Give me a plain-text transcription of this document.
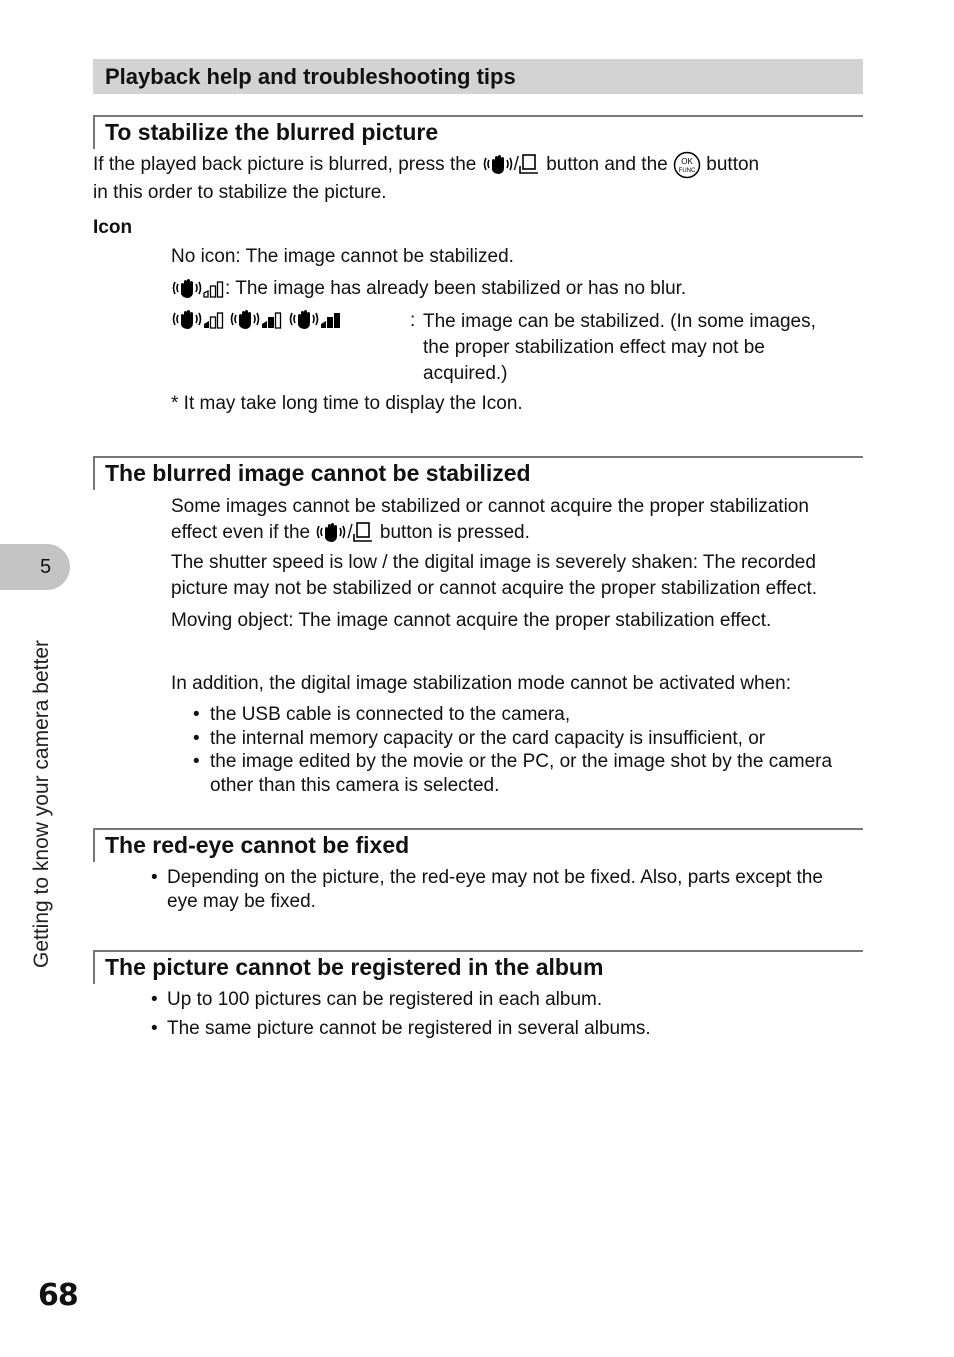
Playback help and troubleshooting tips
To stabilize the blurred picture
If the played back picture is blurred, press the / button and the OK
FUNC button
in this order to stabilize the picture.
Icon
No icon: The image cannot be stabilized.
: The image has already been stabilized or has no blur.

: The image can be stabilized. (In some images,
the proper stabilization effect may not be
acquired.)
* It may take long time to display the Icon.
The blurred image cannot be stabilized
Some images cannot be stabilized or cannot acquire the proper stabilization
effect even if the / button is pressed.
The shutter speed is low / the digital image is severely shaken: The recorded
picture may not be stabilized or cannot acquire the proper stabilization effect.
Moving object: The image cannot acquire the proper stabilization effect.
In addition, the digital image stabilization mode cannot be activated when:
• the USB cable is connected to the camera,
• the internal memory capacity or the card capacity is insufficient, or
• the image edited by the movie or the PC, or the image shot by the camera
other than this camera is selected.
The red-eye cannot be fixed
• Depending on the picture, the red-eye may not be fixed. Also, parts except the
eye may be fixed.
The picture cannot be registered in the album
• Up to 100 pictures can be registered in each album.
• The same picture cannot be registered in several albums.
5
Getting to know your camera better
68
